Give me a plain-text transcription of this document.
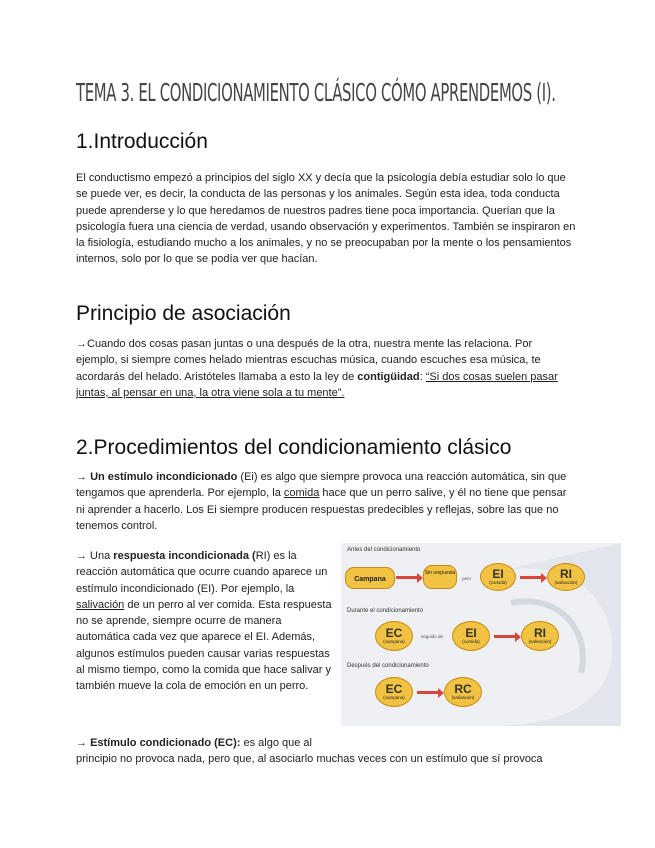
TEMA 3. EL CONDICIONAMIENTO CLÁSICO CÓMO APRENDEMOS (I).
1.Introducción

El conductismo empezó a principios del siglo XX y decía que la psicología debía estudiar solo lo que se puede ver, es decir, la conducta de las personas y los animales. Según esta idea, toda conducta puede aprenderse y lo que heredamos de nuestros padres tiene poca importancia. Querían que la psicología fuera una ciencia de verdad, usando observación y experimentos. También se inspiraron en la fisiología, estudiando mucho a los animales, y no se preocupaban por la mente o los pensamientos internos, solo por lo que se podía ver que hacían.

Principio de asociación

→Cuando dos cosas pasan juntas o una después de la otra, nuestra mente las relaciona. Por ejemplo, si siempre comes helado mientras escuchas música, cuando escuches esa música, te acordarás del helado. Aristóteles llamaba a esto la ley de contigüidad: “Si dos cosas suelen pasar juntas, al pensar en una, la otra viene sola a tu mente”.

2.Procedimientos del condicionamiento clásico

→ Un estímulo incondicionado (Ei) es algo que siempre provoca una reacción automática, sin que tengamos que aprenderla. Por ejemplo, la comida hace que un perro salive, y él no tiene que pensar ni aprender a hacerlo. Los Ei siempre producen respuestas predecibles y reflejas, sobre las que no tenemos control.

→ Una respuesta incondicionada (RI) es la reacción automática que ocurre cuando aparece un estímulo incondicionado (EI). Por ejemplo, la salivación de un perro al ver comida. Esta respuesta no se aprende, siempre ocurre de manera automática cada vez que aparece el EI. Además, algunos estímulos pueden causar varias respuestas al mismo tiempo, como la comida que hace salivar y también mueve la cola de emoción en un perro.

Antes del condicionamiento
Campana
Sin respuesta
pero	EI
(comida)
RI
(salivación)
Durante el condicionamiento
EC
(campana)
seguido de	EI
(comida)
RI
(salivación)
Después del condicionamiento
EC
(campana)
RC
(salivación)

→ Estímulo condicionado (EC): es algo que al
principio no provoca nada, pero que, al asociarlo muchas veces con un estímulo que sí provoca
